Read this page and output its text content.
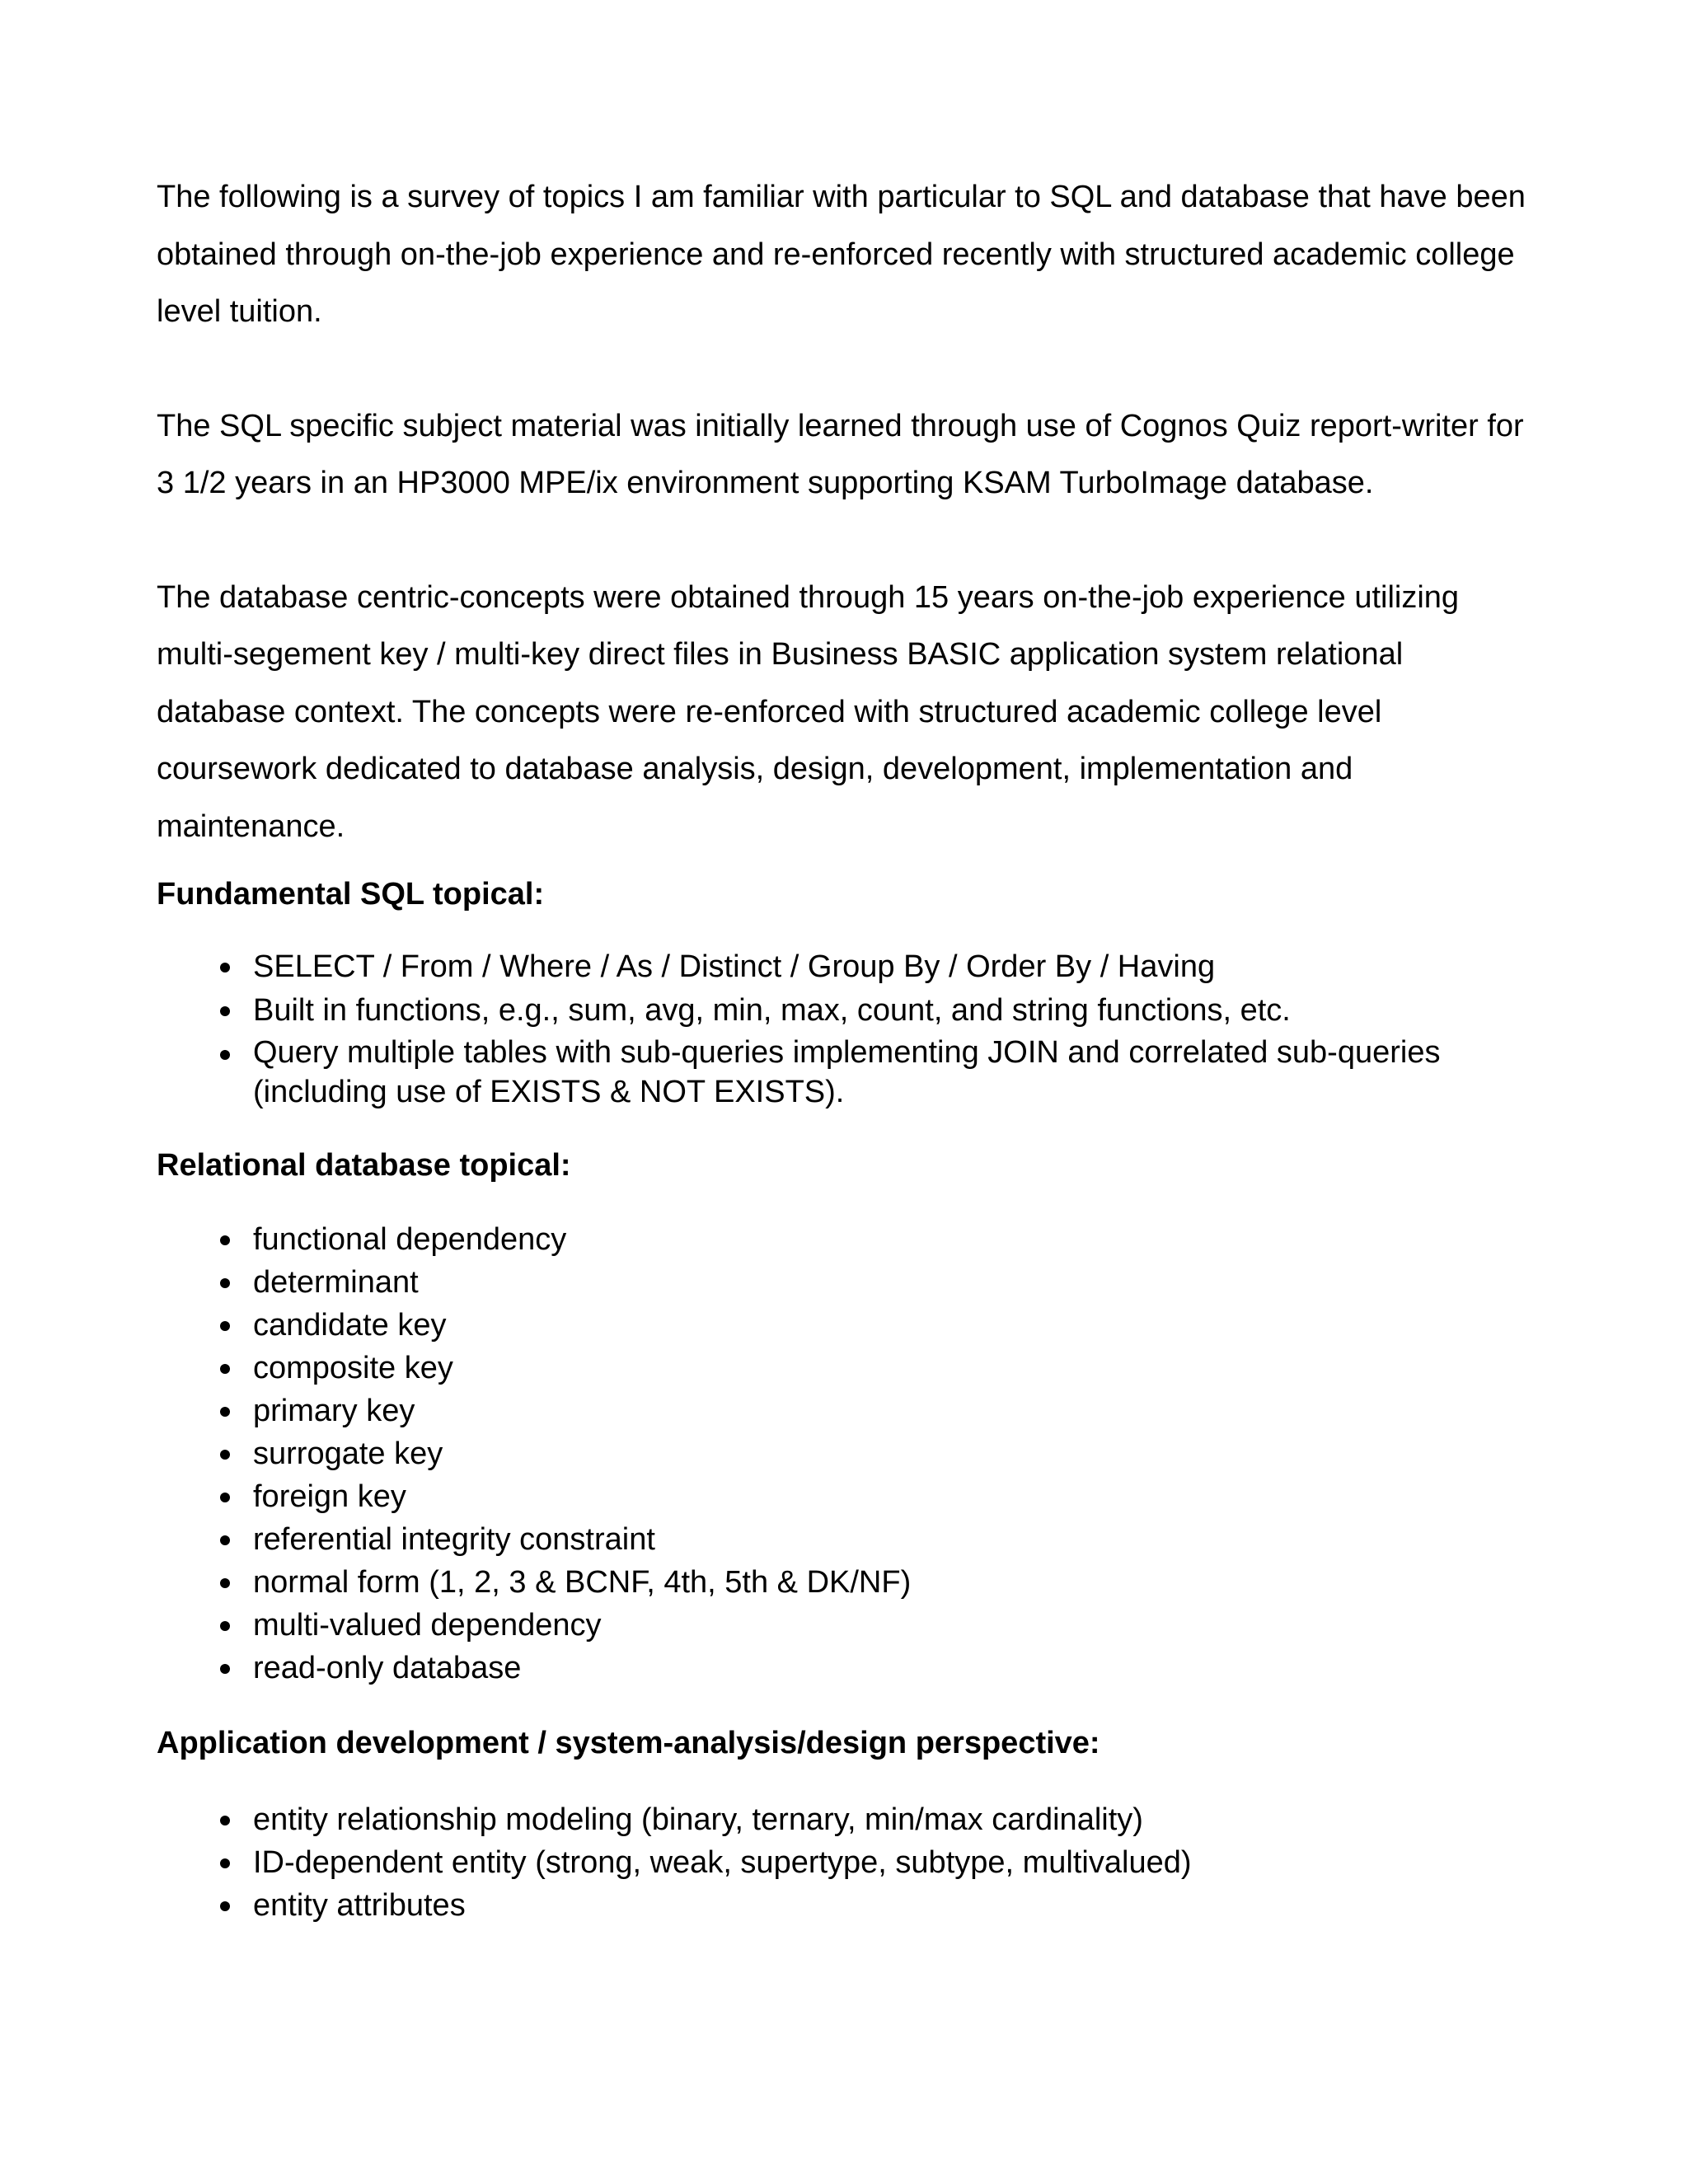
The following is a survey of topics I am familiar with particular to SQL and database that have been obtained through on-the-job experience and re-enforced recently with structured academic college level tuition.

The SQL specific subject material was initially learned through use of Cognos Quiz report-writer for 3 1/2 years in an HP3000 MPE/ix environment supporting KSAM TurboImage database.

The database centric-concepts were obtained through 15 years on-the-job experience utilizing multi-segement key / multi-key direct files in Business BASIC application system relational database context. The concepts were re-enforced with structured academic college level coursework dedicated to database analysis, design, development, implementation and maintenance.

Fundamental SQL topical:
SELECT / From / Where / As / Distinct / Group By / Order By / Having
Built in functions, e.g., sum, avg, min, max, count, and string functions, etc.
Query multiple tables with sub-queries implementing JOIN and correlated sub-queries (including use of EXISTS & NOT EXISTS).
Relational database topical:
functional dependency
determinant
candidate key
composite key
primary key
surrogate key
foreign key
referential integrity constraint
normal form (1, 2, 3 & BCNF, 4th, 5th & DK/NF)
multi-valued dependency
read-only database
Application development / system-analysis/design perspective:
entity relationship modeling (binary, ternary, min/max cardinality)
ID-dependent entity (strong, weak, supertype, subtype, multivalued)
entity attributes
